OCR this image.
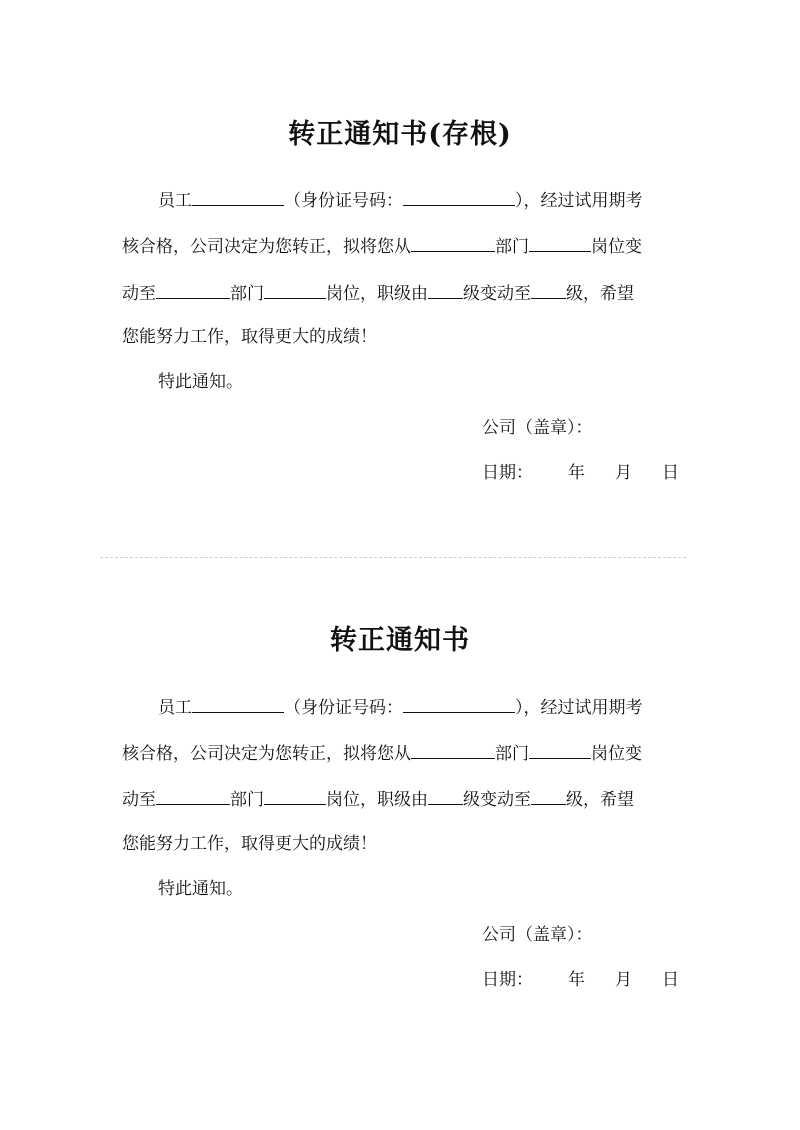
转正通知书(存根)
员工	（身份证号码：	），经过试用期考
核合格，公司决定为您转正，拟将您从	部门	岗位变
动至	部门	岗位，职级由 级变动至 级，希望
您能努力工作，取得更大的成绩！
特此通知。
公司（盖章）：
日期： 年 月 日
转正通知书
员工	（身份证号码：	），经过试用期考
核合格，公司决定为您转正，拟将您从	部门	岗位变
动至	部门	岗位，职级由 级变动至 级，希望
您能努力工作，取得更大的成绩！
特此通知。
公司（盖章）：
日期： 年 月 日
